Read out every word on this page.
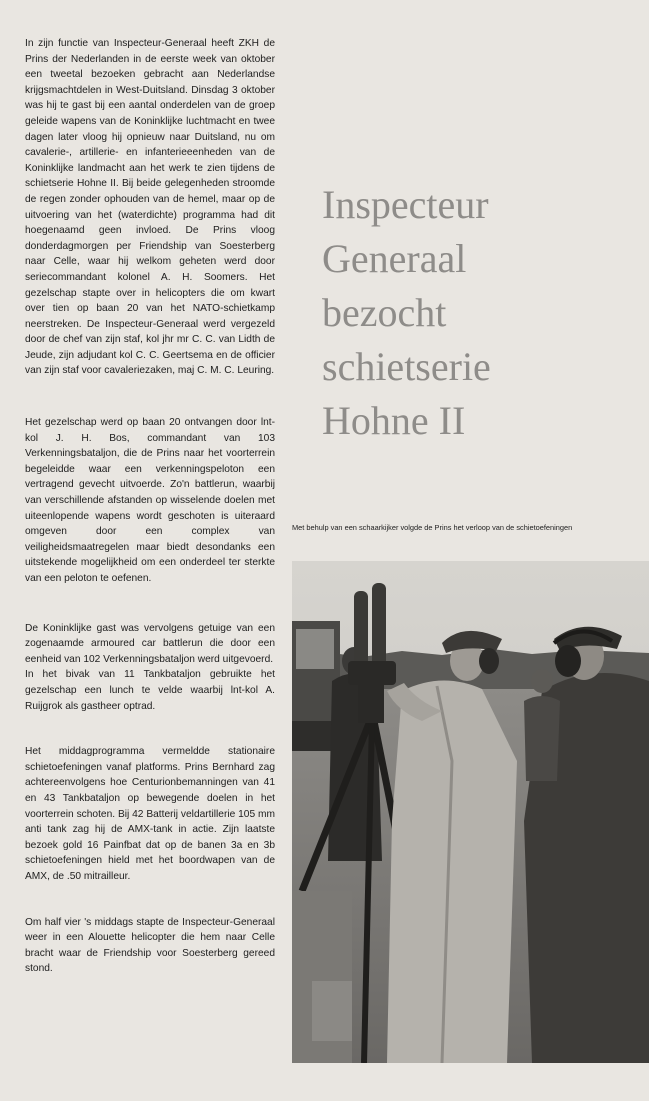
In zijn functie van Inspecteur-Generaal heeft ZKH de Prins der Nederlanden in de eerste week van oktober een tweetal bezoeken gebracht aan Nederlandse krijgsmachtdelen in West-Duitsland. Dinsdag 3 oktober was hij te gast bij een aantal onderdelen van de groep geleide wapens van de Koninklijke luchtmacht en twee dagen later vloog hij opnieuw naar Duitsland, nu om cavalerie-, artillerie- en infanterieeenheden van de Koninklijke landmacht aan het werk te zien tijdens de schietserie Hohne II. Bij beide gelegenheden stroomde de regen zonder ophouden van de hemel, maar op de uitvoering van het (waterdichte) programma had dit hoegenaamd geen invloed. De Prins vloog donderdagmorgen per Friendship van Soesterberg naar Celle, waar hij welkom geheten werd door seriecommandant kolonel A. H. Soomers. Het gezelschap stapte over in helicopters die om kwart over tien op baan 20 van het NATO-schietkamp neerstreken. De Inspecteur-Generaal werd vergezeld door de chef van zijn staf, kol jhr mr C. C. van Lidth de Jeude, zijn adjudant kol C. C. Geertsema en de officier van zijn staf voor cavaleriezaken, maj C. M. C. Leuring.

Het gezelschap werd op baan 20 ontvangen door lnt-kol J. H. Bos, commandant van 103 Verkenningsbataljon, die de Prins naar het voorterrein begeleidde waar een verkenningspeloton een vertragend gevecht uitvoerde. Zo'n battlerun, waarbij van verschillende afstanden op wisselende doelen met uiteenlopende wapens wordt geschoten is uiteraard omgeven door een complex van veiligheidsmaatregelen maar biedt desondanks een uitstekende mogelijkheid om een onderdeel ter sterkte van een peloton te oefenen.

De Koninklijke gast was vervolgens getuige van een zogenaamde armoured car battlerun die door een eenheid van 102 Verkenningsbataljon werd uitgevoerd.

In het bivak van 11 Tankbataljon gebruikte het gezelschap een lunch te velde waarbij lnt-kol A. Ruijgrok als gastheer optrad.

Het middagprogramma vermeldde stationaire schietoefeningen vanaf platforms. Prins Bernhard zag achtereenvolgens hoe Centurionbemanningen van 41 en 43 Tankbataljon op bewegende doelen in het voorterrein schoten. Bij 42 Batterij veldartillerie 105 mm anti tank zag hij de AMX-tank in actie. Zijn laatste bezoek gold 16 Painfbat dat op de banen 3a en 3b schietoefeningen hield met het boordwapen van de AMX, de .50 mitrailleur.

Om half vier 's middags stapte de Inspecteur-Generaal weer in een Alouette helicopter die hem naar Celle bracht waar de Friendship voor Soesterberg gereed stond.

Inspecteur
Generaal
bezocht
schietserie
Hohne II
Met behulp van een schaarkijker volgde de Prins het verloop van de schietoefeningen
